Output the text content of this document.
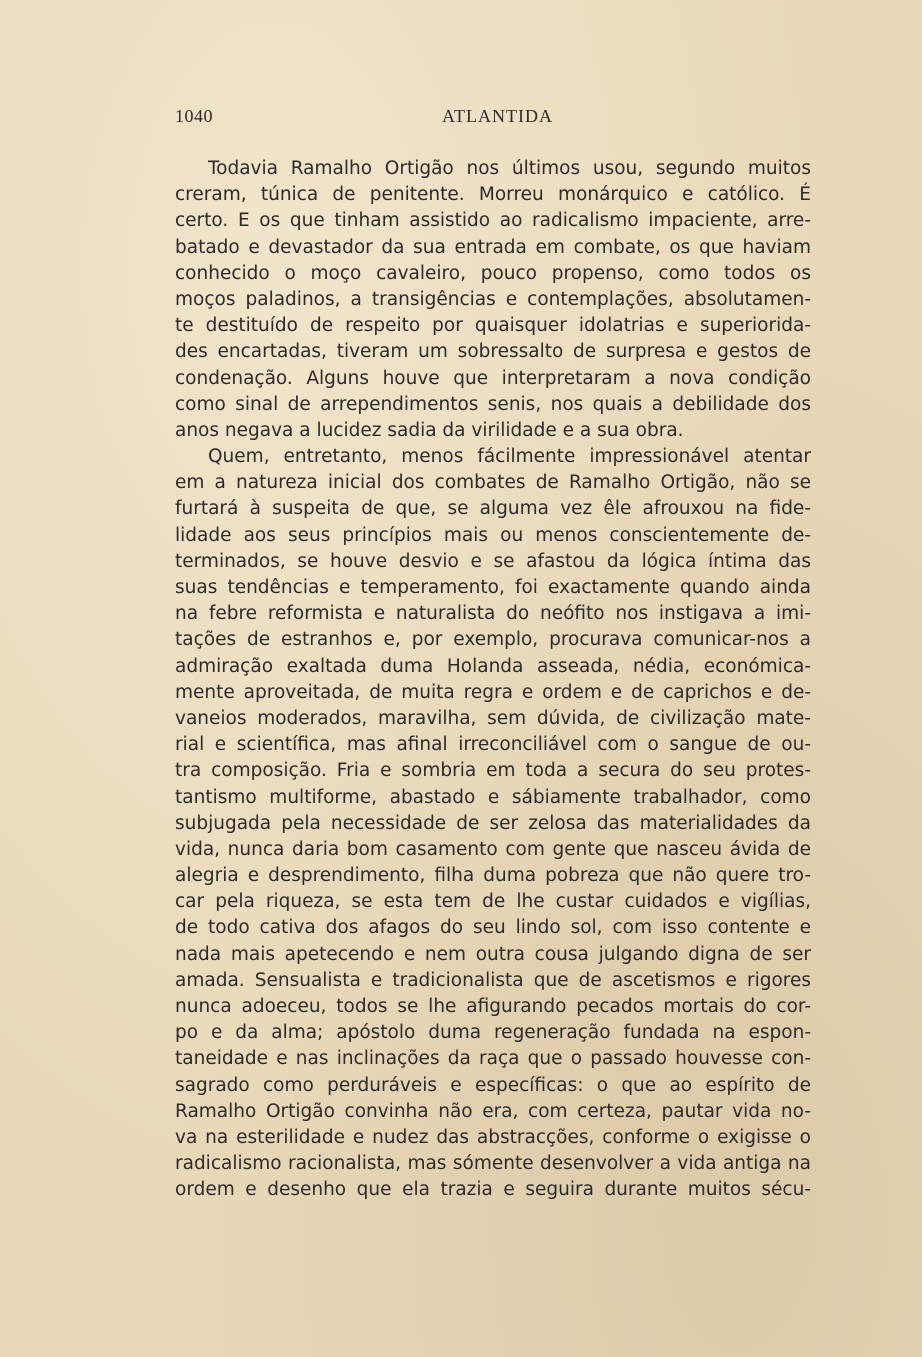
1040	ATLANTIDA
Todavia Ramalho Ortigão nos últimos usou, segundo muitos
creram, túnica de penitente. Morreu monárquico e católico. É
certo. E os que tinham assistido ao radicalismo impaciente, arre-
batado e devastador da sua entrada em combate, os que haviam
conhecido o moço cavaleiro, pouco propenso, como todos os
moços paladinos, a transigências e contemplações, absolutamen-
te destituído de respeito por quaisquer idolatrias e superiorida-
des encartadas, tiveram um sobressalto de surpresa e gestos de
condenação. Alguns houve que interpretaram a nova condição
como sinal de arrependimentos senis, nos quais a debilidade dos
anos negava a lucidez sadia da virilidade e a sua obra.
Quem, entretanto, menos fácilmente impressionável atentar
em a natureza inicial dos combates de Ramalho Ortigão, não se
furtará à suspeita de que, se alguma vez êle afrouxou na fide-
lidade aos seus princípios mais ou menos conscientemente de-
terminados, se houve desvio e se afastou da lógica íntima das
suas tendências e temperamento, foi exactamente quando ainda
na febre reformista e naturalista do neófito nos instigava a imi-
tações de estranhos e, por exemplo, procurava comunicar-nos a
admiração exaltada duma Holanda asseada, nédia, económica-
mente aproveitada, de muita regra e ordem e de caprichos e de-
vaneios moderados, maravilha, sem dúvida, de civilização mate-
rial e scientífica, mas afinal irreconciliável com o sangue de ou-
tra composição. Fria e sombria em toda a secura do seu protes-
tantismo multiforme, abastado e sábiamente trabalhador, como
subjugada pela necessidade de ser zelosa das materialidades da
vida, nunca daria bom casamento com gente que nasceu ávida de
alegria e desprendimento, filha duma pobreza que não quere tro-
car pela riqueza, se esta tem de lhe custar cuidados e vigílias,
de todo cativa dos afagos do seu lindo sol, com isso contente e
nada mais apetecendo e nem outra cousa julgando digna de ser
amada. Sensualista e tradicionalista que de ascetismos e rigores
nunca adoeceu, todos se lhe afigurando pecados mortais do cor-
po e da alma; apóstolo duma regeneração fundada na espon-
taneidade e nas inclinações da raça que o passado houvesse con-
sagrado como perduráveis e específicas: o que ao espírito de
Ramalho Ortigão convinha não era, com certeza, pautar vida no-
va na esterilidade e nudez das abstracções, conforme o exigisse o
radicalismo racionalista, mas sómente desenvolver a vida antiga na
ordem e desenho que ela trazia e seguira durante muitos sécu-
